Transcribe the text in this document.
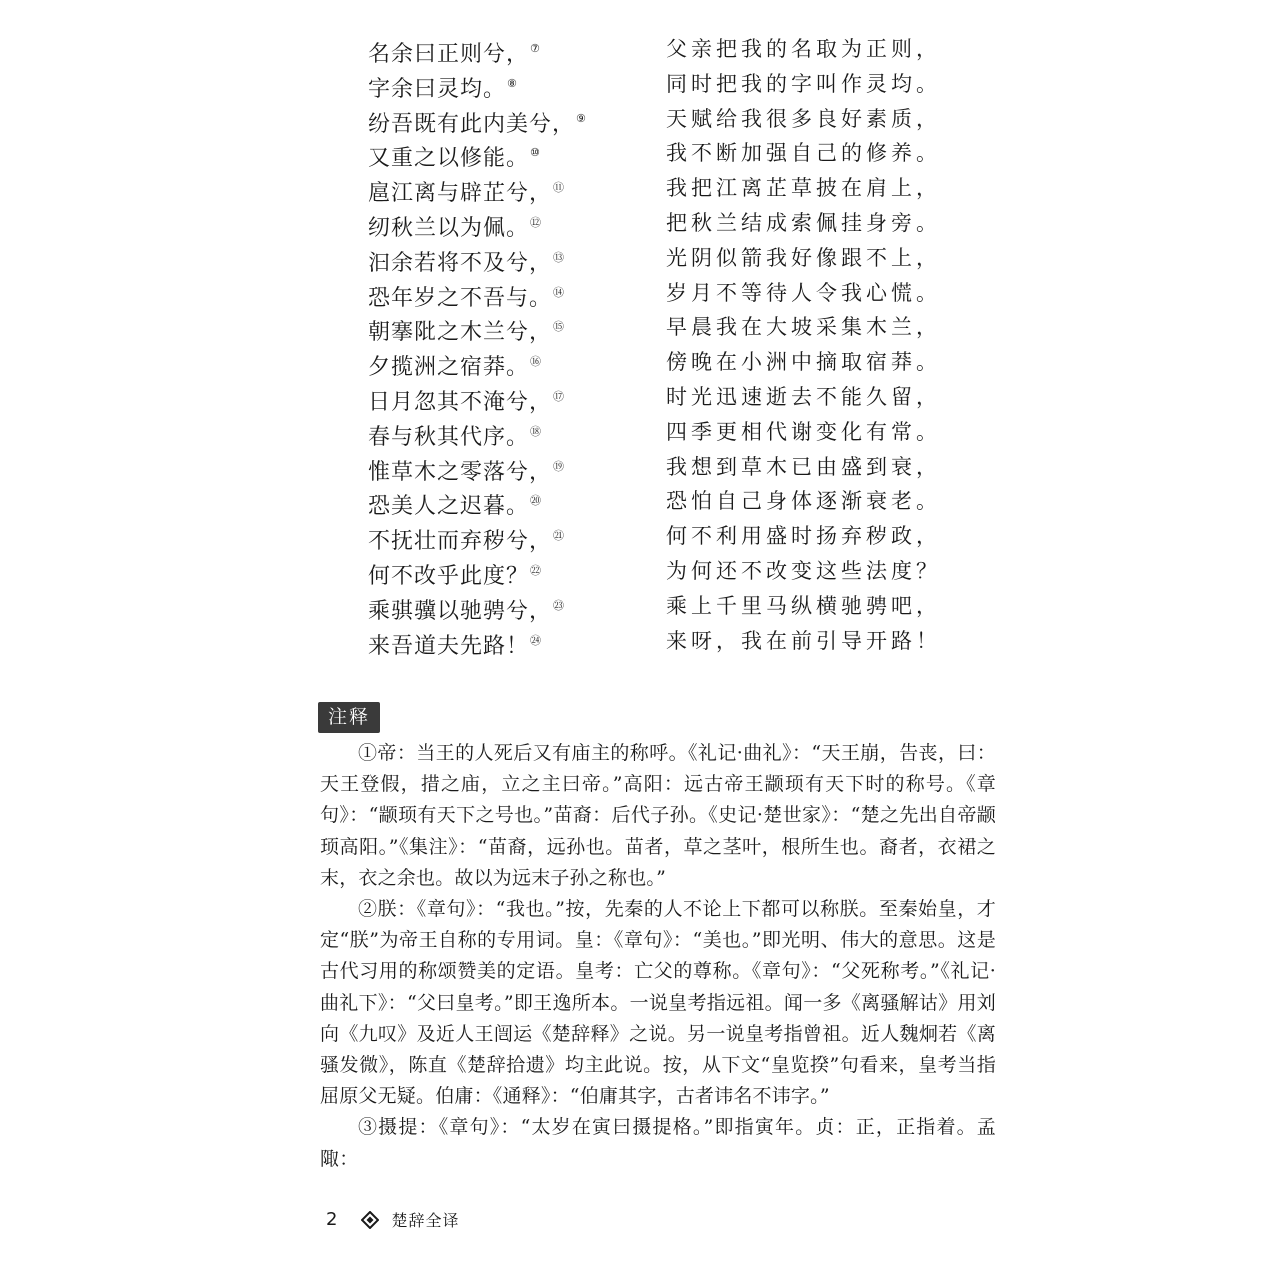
名余曰正则兮，⑦	父亲把我的名取为正则，
字余曰灵均。⑧	同时把我的字叫作灵均。
纷吾既有此内美兮，⑨	天赋给我很多良好素质，
又重之以修能。⑩	我不断加强自己的修养。
扈江离与辟芷兮，⑪	我把江离芷草披在肩上，
纫秋兰以为佩。⑫	把秋兰结成索佩挂身旁。
汩余若将不及兮，⑬	光阴似箭我好像跟不上，
恐年岁之不吾与。⑭	岁月不等待人令我心慌。
朝搴阰之木兰兮，⑮	早晨我在大坡采集木兰，
夕揽洲之宿莽。⑯	傍晚在小洲中摘取宿莽。
日月忽其不淹兮，⑰	时光迅速逝去不能久留，
春与秋其代序。⑱	四季更相代谢变化有常。
惟草木之零落兮，⑲	我想到草木已由盛到衰，
恐美人之迟暮。⑳	恐怕自己身体逐渐衰老。
不抚壮而弃秽兮，$^㉑$	何不利用盛时扬弃秽政，
何不改乎此度？$^㉒$	为何还不改变这些法度？
乘骐骥以驰骋兮，$^㉓$	乘上千里马纵横驰骋吧，
来吾道夫先路！$^㉔$	来呀，我在前引导开路！
注释

①帝：当王的人死后又有庙主的称呼。《礼记·曲礼》：“天王崩，告丧，曰：天王登假，措之庙，立之主曰帝。”高阳：远古帝王颛顼有天下时的称号。《章句》：“颛顼有天下之号也。”苗裔：后代子孙。《史记·楚世家》：“楚之先出自帝颛顼高阳。”《集注》：“苗裔，远孙也。苗者，草之茎叶，根所生也。裔者，衣裙之末，衣之余也。故以为远末子孙之称也。”

②朕：《章句》：“我也。”按，先秦的人不论上下都可以称朕。至秦始皇，才定“朕”为帝王自称的专用词。皇：《章句》：“美也。”即光明、伟大的意思。这是古代习用的称颂赞美的定语。皇考：亡父的尊称。《章句》：“父死称考。”《礼记·曲礼下》：“父曰皇考。”即王逸所本。一说皇考指远祖。闻一多《离骚解诂》用刘向《九叹》及近人王闿运《楚辞释》之说。另一说皇考指曾祖。近人魏炯若《离骚发微》，陈直《楚辞拾遗》均主此说。按，从下文“皇览揆”句看来，皇考当指屈原父无疑。伯庸：《通释》：“伯庸其字，古者讳名不讳字。”

③摄提：《章句》：“太岁在寅曰摄提格。”即指寅年。贞：正，正指着。孟陬：

2	楚辞全译
